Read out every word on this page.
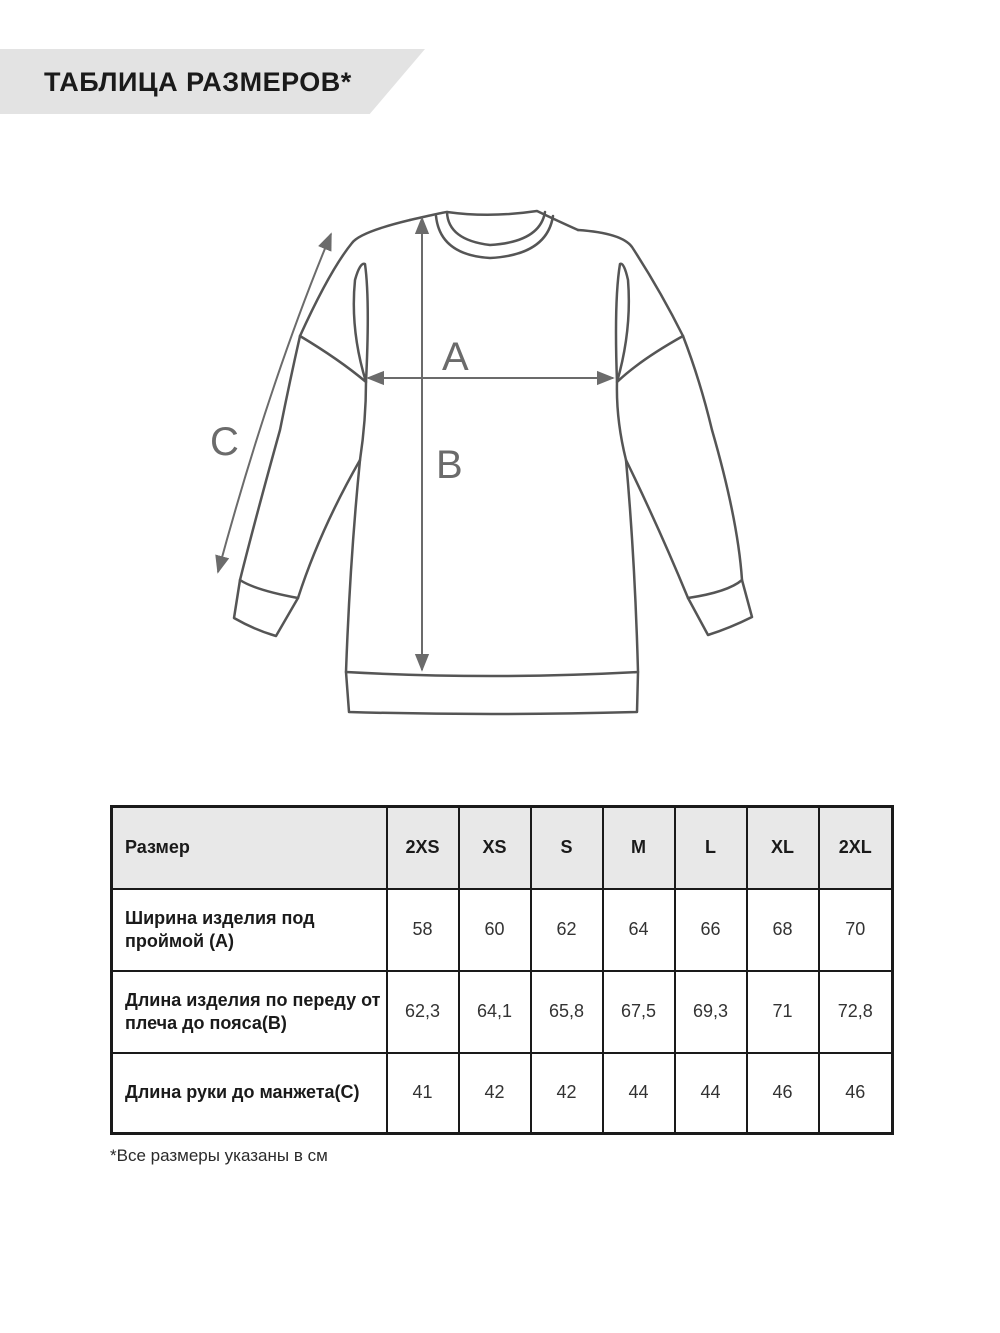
ТАБЛИЦА РАЗМЕРОВ*
A
B
C
Размер	2XS	XS	S	M	L	XL	2XL
Ширина изделия под проймой (A)	58	60	62	64	66	68	70
Длина изделия по переду от плеча до пояса(B)	62,3	64,1	65,8	67,5	69,3	71	72,8
Длина руки до манжета(C)	41	42	42	44	44	46	46
*Все размеры указаны в см
